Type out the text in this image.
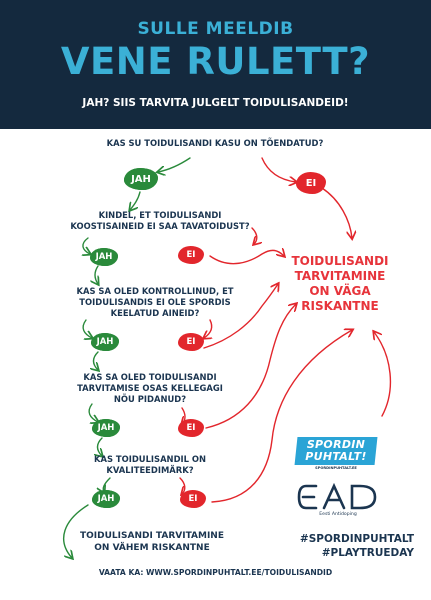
SULLE MEELDIB
VENE RULETT?
JAH? SIIS TARVITA JULGELT TOIDULISANDEID!
KAS SU TOIDULISANDI KASU ON TÕENDATUD?
KINDEL, ET TOIDULISANDI
KOOSTISAINEID EI SAA TAVATOIDUST?
KAS SA OLED KONTROLLINUD, ET
TOIDULISANDIS EI OLE SPORDIS
KEELATUD AINEID?
KAS SA OLED TOIDULISANDI
TARVITAMISE OSAS KELLEGAGI
NÕU PIDANUD?
KAS TOIDULISANDIL ON
KVALITEEDIMÄRK?
JAH
JAH
JAH
JAH
JAH
EI
EI
EI
EI
EI
TOIDULISANDI
TARVITAMINE
ON VÄGA
RISKANTNE
TOIDULISANDI TARVITAMINE
ON VÄHEM RISKANTNE
SPORDIN
PUHTALT!
SPORDINPUHTALT.EE
Eesti Antidoping
#SPORDINPUHTALT
#PLAYTRUEDAY
VAATA KA: WWW.SPORDINPUHTALT.EE/TOIDULISANDID
